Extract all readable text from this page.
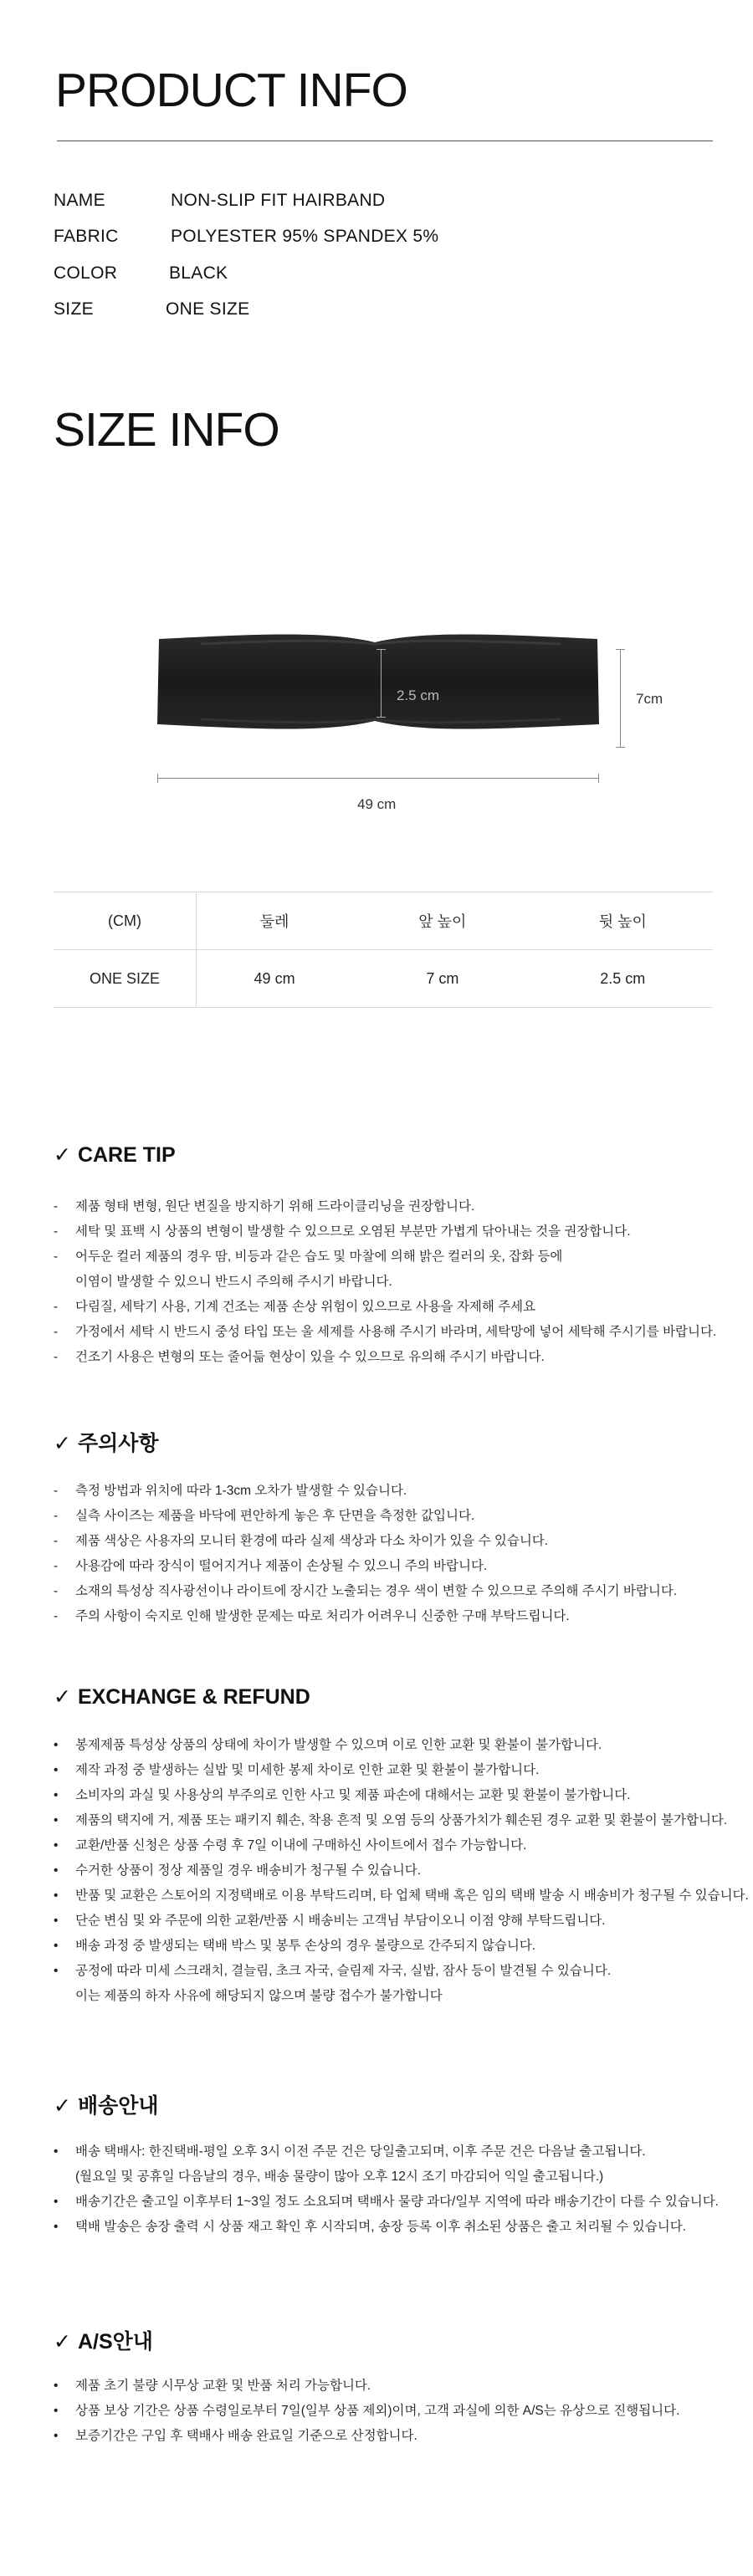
PRODUCT INFO
NAME	NON-SLIP FIT HAIRBAND
FABRIC	POLYESTER 95% SPANDEX 5%
COLOR	BLACK
SIZE	ONE SIZE
SIZE INFO
2.5 cm	7cm
49 cm
(CM)	둘레	앞 높이	뒷 높이
ONE SIZE	49 cm	7 cm	2.5 cm
✓ CARE TIP
- 제품 형태 변형, 원단 변질을 방지하기 위해 드라이클리닝을 권장합니다.
- 세탁 및 표백 시 상품의 변형이 발생할 수 있으므로 오염된 부분만 가볍게 닦아내는 것을 권장합니다.
- 어두운 컬러 제품의 경우 땀, 비등과 같은 습도 및 마찰에 의해 밝은 컬러의 옷, 잡화 등에
이염이 발생할 수 있으니 반드시 주의해 주시기 바랍니다.
- 다림질, 세탁기 사용, 기계 건조는 제품 손상 위험이 있으므로 사용을 자제해 주세요
- 가정에서 세탁 시 반드시 중성 타입 또는 울 세제를 사용해 주시기 바라며, 세탁망에 넣어 세탁해 주시기를 바랍니다.
- 건조기 사용은 변형의 또는 줄어듦 현상이 있을 수 있으므로 유의해 주시기 바랍니다.
✓ 주의사항
- 측정 방법과 위치에 따라 1-3cm 오차가 발생할 수 있습니다.
- 실측 사이즈는 제품을 바닥에 편안하게 놓은 후 단면을 측정한 값입니다.
- 제품 색상은 사용자의 모니터 환경에 따라 실제 색상과 다소 차이가 있을 수 있습니다.
- 사용감에 따라 장식이 떨어지거나 제품이 손상될 수 있으니 주의 바랍니다.
- 소재의 특성상 직사광선이나 라이트에 장시간 노출되는 경우 색이 변할 수 있으므로 주의해 주시기 바랍니다.
- 주의 사항이 숙지로 인해 발생한 문제는 따로 처리가 어려우니 신중한 구매 부탁드립니다.
✓ EXCHANGE & REFUND
• 봉제제품 특성상 상품의 상태에 차이가 발생할 수 있으며 이로 인한 교환 및 환불이 불가합니다.
• 제작 과정 중 발생하는 실밥 및 미세한 봉제 차이로 인한 교환 및 환불이 불가합니다.
• 소비자의 과실 및 사용상의 부주의로 인한 사고 및 제품 파손에 대해서는 교환 및 환불이 불가합니다.
• 제품의 택지에 거, 제품 또는 패키지 훼손, 착용 흔적 및 오염 등의 상품가치가 훼손된 경우 교환 및 환불이 불가합니다.
• 교환/반품 신청은 상품 수령 후 7일 이내에 구매하신 사이트에서 접수 가능합니다.
• 수거한 상품이 정상 제품일 경우 배송비가 청구될 수 있습니다.
• 반품 및 교환은 스토어의 지정택배로 이용 부탁드리며, 타 업체 택배 혹은 임의 택배 발송 시 배송비가 청구될 수 있습니다.
• 단순 변심 및 와 주문에 의한 교환/반품 시 배송비는 고객님 부담이오니 이점 양해 부탁드립니다.
• 배송 과정 중 발생되는 택배 박스 및 봉투 손상의 경우 불량으로 간주되지 않습니다.
• 공정에 따라 미세 스크래치, 결늘림, 초크 자국, 슬림제 자국, 실밥, 잠사 등이 발견될 수 있습니다.
이는 제품의 하자 사유에 해당되지 않으며 불량 접수가 불가합니다
✓ 배송안내
• 배송 택배사: 한진택배-평일 오후 3시 이전 주문 건은 당일출고되며, 이후 주문 건은 다음날 출고됩니다.
(월요일 및 공휴일 다음날의 경우, 배송 물량이 많아 오후 12시 조기 마감되어 익일 출고됩니다.)
• 배송기간은 출고일 이후부터 1~3일 정도 소요되며 택배사 물량 과다/일부 지역에 따라 배송기간이 다를 수 있습니다.
• 택배 발송은 송장 출력 시 상품 재고 확인 후 시작되며, 송장 등록 이후 취소된 상품은 출고 처리될 수 있습니다.
✓ A/S안내
• 제품 초기 불량 시무상 교환 및 반품 처리 가능합니다.
• 상품 보상 기간은 상품 수령일로부터 7일(일부 상품 제외)이며, 고객 과실에 의한 A/S는 유상으로 진행됩니다.
• 보증기간은 구입 후 택배사 배송 완료일 기준으로 산정합니다.
